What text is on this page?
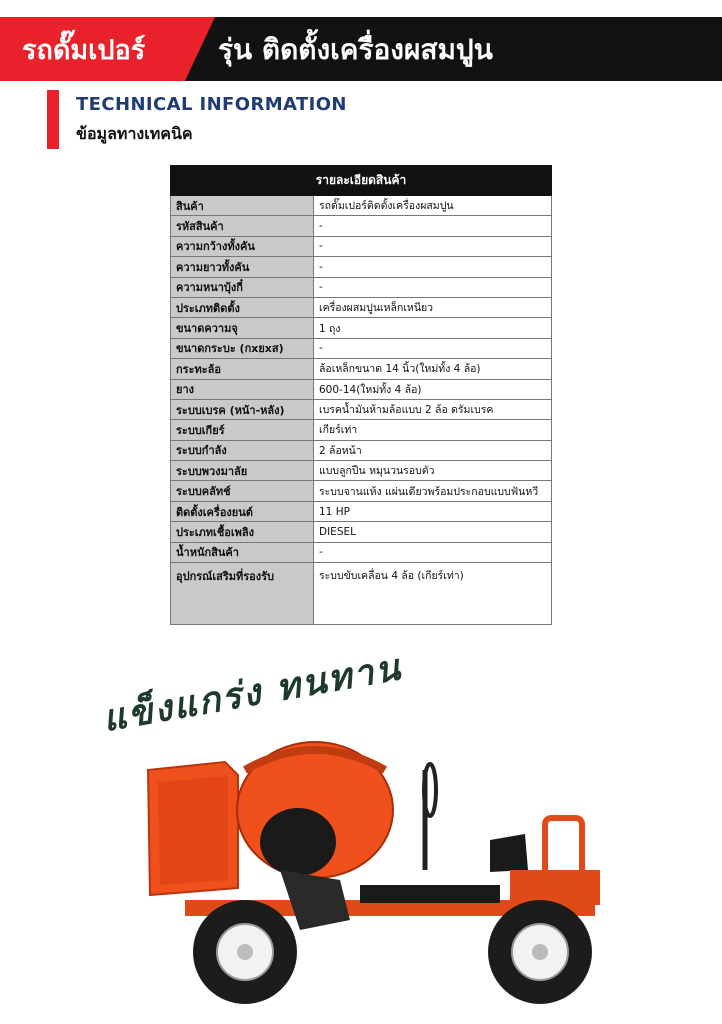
รถดั๊มเปอร์	รุ่น ติดตั้งเครื่องผสมปูน
TECHNICAL INFORMATION
ข้อมูลทางเทคนิค
รายละเอียดสินค้า	
สินค้า	รถดั๊มเปอร์ติดตั้งเครื่องผสมปูน
รหัสสินค้า	-
ความกว้างทั้งคัน	-
ความยาวทั้งคัน	-
ความหนาบุ้งกี๋	-
ประเภทติดตั้ง	เครื่องผสมปูนเหล็กเหนียว
ขนาดความจุ	1 ถุง
ขนาดกระบะ (กxยxส)	-
กระทะล้อ	ล้อเหล็กขนาด 14 นิ้ว(ใหม่ทั้ง 4 ล้อ)
ยาง	600-14(ใหม่ทั้ง 4 ล้อ)
ระบบเบรค (หน้า-หลัง)	เบรคน้ำมันห้ามล้อแบบ 2 ล้อ ดรัมเบรค
ระบบเกียร์	เกียร์เท่า
ระบบกำลัง	2 ล้อหน้า
ระบบพวงมาลัย	แบบลูกปืน หมุนวนรอบตัว
ระบบคลัทช์	ระบบจานแห้ง แผ่นเดียวพร้อมประกอบแบบฟันหวี
ติดตั้งเครื่องยนต์	11 HP
ประเภทเชื้อเพลิง	DIESEL
น้ำหนักสินค้า	-
อุปกรณ์เสริมที่รองรับ	ระบบขับเคลื่อน 4 ล้อ (เกียร์เท่า)
แข็งแกร่ง ทนทาน
